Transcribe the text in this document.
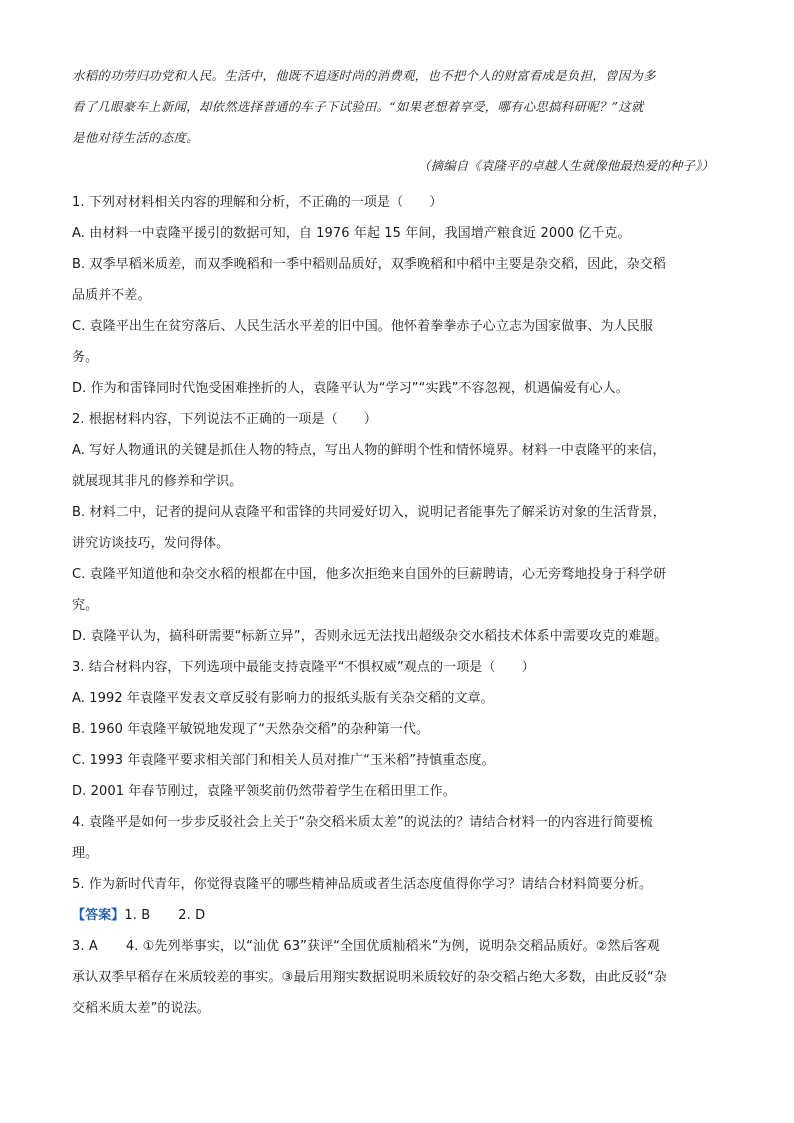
水稻的功劳归功党和人民。生活中，他既不追逐时尚的消费观，也不把个人的财富看成是负担，曾因为多

看了几眼豪车上新闻，却依然选择普通的车子下试验田。“如果老想着享受，哪有心思搞科研呢？”这就

是他对待生活的态度。

（摘编自《袁隆平的卓越人生就像他最热爱的种子》）

1. 下列对材料相关内容的理解和分析，不正确的一项是（　　）

A. 由材料一中袁隆平援引的数据可知，自 1976 年起 15 年间，我国增产粮食近 2000 亿千克。

B. 双季早稻米质差，而双季晚稻和一季中稻则品质好，双季晚稻和中稻中主要是杂交稻，因此，杂交稻

品质并不差。

C. 袁隆平出生在贫穷落后、人民生活水平差的旧中国。他怀着拳拳赤子心立志为国家做事、为人民服

务。

D. 作为和雷锋同时代饱受困难挫折的人，袁隆平认为“学习”“实践”不容忽视，机遇偏爱有心人。

2. 根据材料内容，下列说法不正确的一项是（　　）

A. 写好人物通讯的关键是抓住人物的特点，写出人物的鲜明个性和情怀境界。材料一中袁隆平的来信，

就展现其非凡的修养和学识。

B. 材料二中，记者的提问从袁隆平和雷锋的共同爱好切入，说明记者能事先了解采访对象的生活背景，

讲究访谈技巧，发问得体。

C. 袁隆平知道他和杂交水稻的根都在中国，他多次拒绝来自国外的巨薪聘请，心无旁骛地投身于科学研

究。

D. 袁隆平认为，搞科研需要“标新立异”，否则永远无法找出超级杂交水稻技术体系中需要攻克的难题。

3. 结合材料内容，下列选项中最能支持袁隆平“不惧权威”观点的一项是（　　）

A. 1992 年袁隆平发表文章反驳有影响力的报纸头版有关杂交稻的文章。

B. 1960 年袁隆平敏锐地发现了“天然杂交稻”的杂种第一代。

C. 1993 年袁隆平要求相关部门和相关人员对推广“玉米稻”持慎重态度。

D. 2001 年春节刚过，袁隆平领奖前仍然带着学生在稻田里工作。

4. 袁隆平是如何一步步反驳社会上关于“杂交稻米质太差”的说法的？请结合材料一的内容进行简要梳

理。

5. 作为新时代青年，你觉得袁隆平的哪些精神品质或者生活态度值得你学习？请结合材料简要分析。

【答案】1. B 2. D

3. A 4. ①先列举事实，以“汕优 63”获评“全国优质籼稻米”为例，说明杂交稻品质好。②然后客观

承认双季早稻存在米质较差的事实。③最后用翔实数据说明米质较好的杂交稻占绝大多数，由此反驳“杂

交稻米质太差”的说法。
